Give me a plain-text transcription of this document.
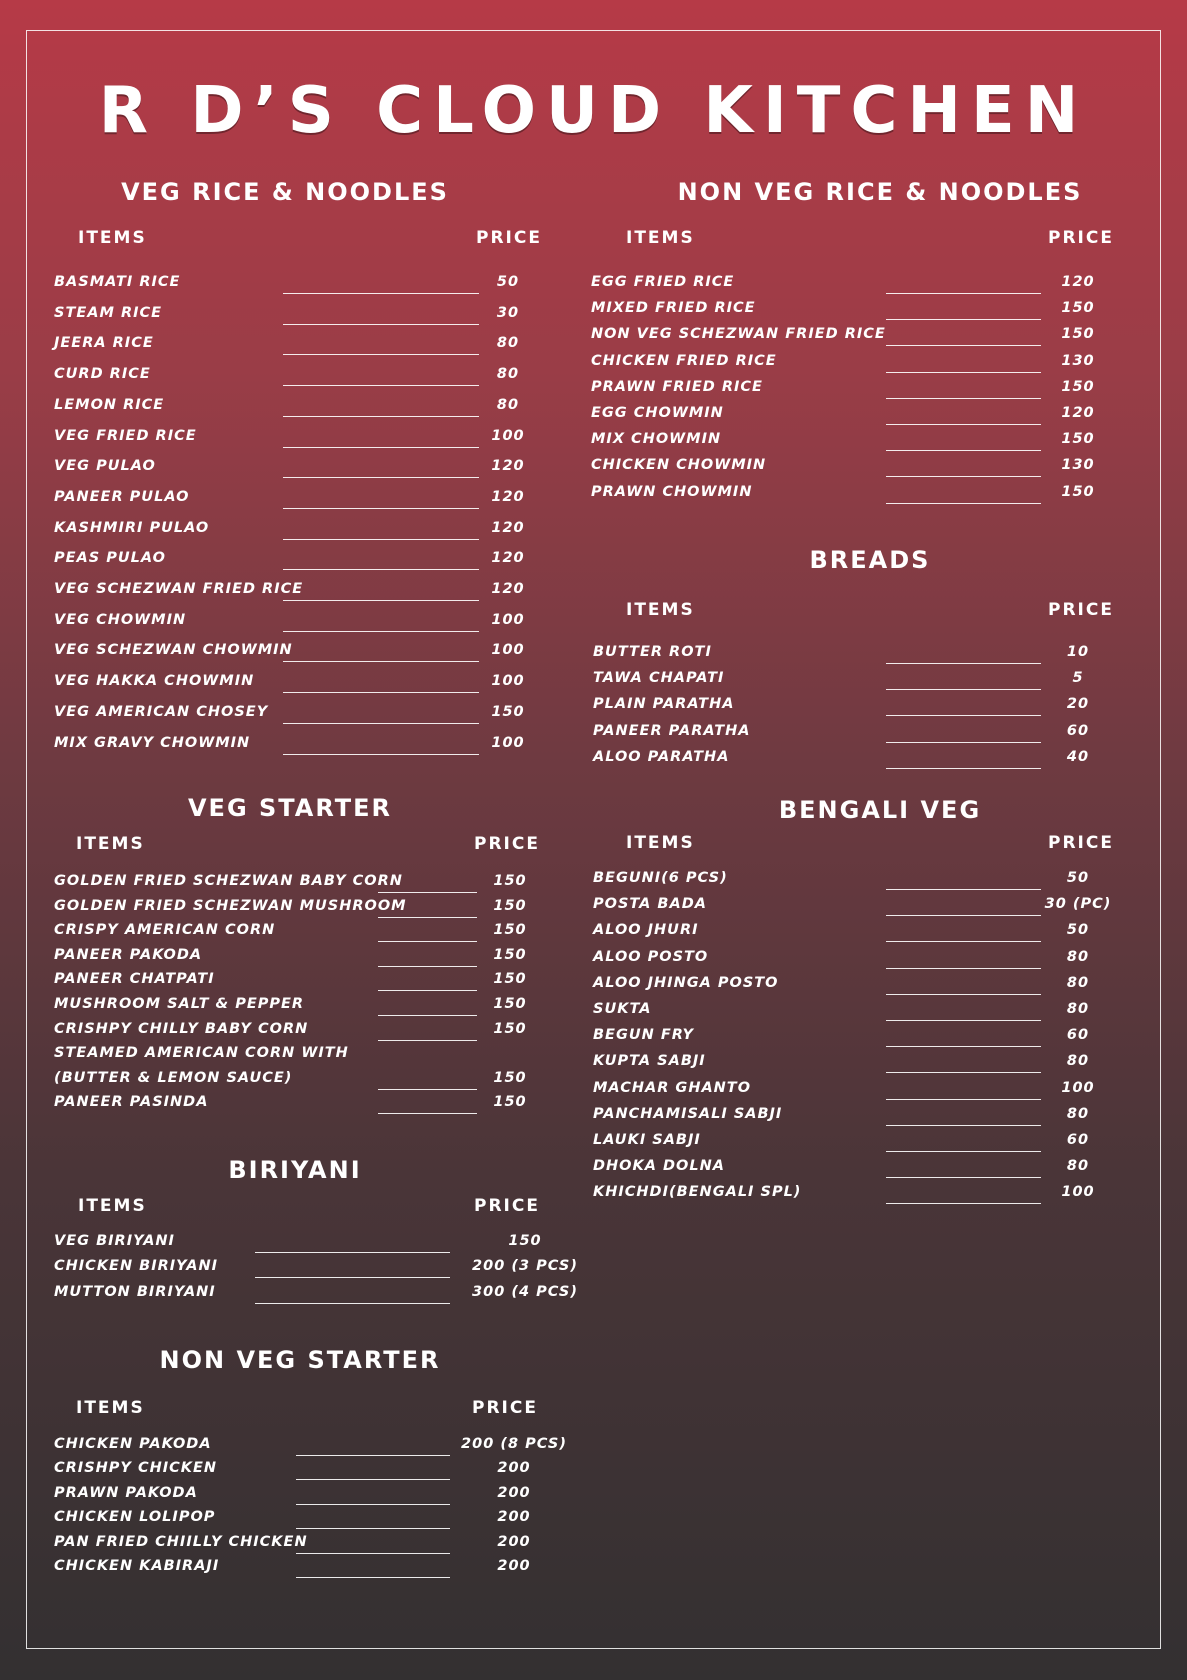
R D’S CLOUD KITCHEN
VEG RICE & NOODLES
ITEMS	PRICE
BASMATI RICE	50
STEAM RICE	30
JEERA RICE	80
CURD RICE	80
LEMON RICE	80
VEG FRIED RICE	100
VEG PULAO	120
PANEER PULAO	120
KASHMIRI PULAO	120
PEAS PULAO	120
VEG SCHEZWAN FRIED RICE	120
VEG CHOWMIN	100
VEG SCHEZWAN CHOWMIN	100
VEG HAKKA CHOWMIN	100
VEG AMERICAN CHOSEY	150
MIX GRAVY CHOWMIN	100
NON VEG RICE & NOODLES
ITEMS	PRICE
EGG FRIED RICE	120
MIXED FRIED RICE	150
NON VEG SCHEZWAN FRIED RICE	150
CHICKEN FRIED RICE	130
PRAWN FRIED RICE	150
EGG CHOWMIN	120
MIX CHOWMIN	150
CHICKEN CHOWMIN	130
PRAWN CHOWMIN	150
BREADS
ITEMS	PRICE
BUTTER ROTI	10
TAWA CHAPATI	5
PLAIN PARATHA	20
PANEER PARATHA	60
ALOO PARATHA	40
VEG STARTER
ITEMS	PRICE
GOLDEN FRIED SCHEZWAN BABY CORN	150
GOLDEN FRIED SCHEZWAN MUSHROOM	150
CRISPY AMERICAN CORN	150
PANEER PAKODA	150
PANEER CHATPATI	150
MUSHROOM SALT & PEPPER	150
CRISHPY CHILLY BABY CORN	150
STEAMED AMERICAN CORN WITH
(BUTTER & LEMON SAUCE)	150
PANEER PASINDA	150
BENGALI VEG
ITEMS	PRICE
BEGUNI(6 PCS)	50
POSTA BADA	30 (PC)
ALOO JHURI	50
ALOO POSTO	80
ALOO JHINGA POSTO	80
SUKTA	80
BEGUN FRY	60
KUPTA SABJI	80
MACHAR GHANTO	100
PANCHAMISALI SABJI	80
LAUKI SABJI	60
DHOKA DOLNA	80
KHICHDI(BENGALI SPL)	100
BIRIYANI
ITEMS	PRICE
VEG BIRIYANI	150
CHICKEN BIRIYANI	200 (3 PCS)
MUTTON BIRIYANI	300 (4 PCS)
NON VEG STARTER
ITEMS	PRICE
CHICKEN PAKODA	200 (8 PCS)
CRISHPY CHICKEN	200
PRAWN PAKODA	200
CHICKEN LOLIPOP	200
PAN FRIED CHIILLY CHICKEN	200
CHICKEN KABIRAJI	200
